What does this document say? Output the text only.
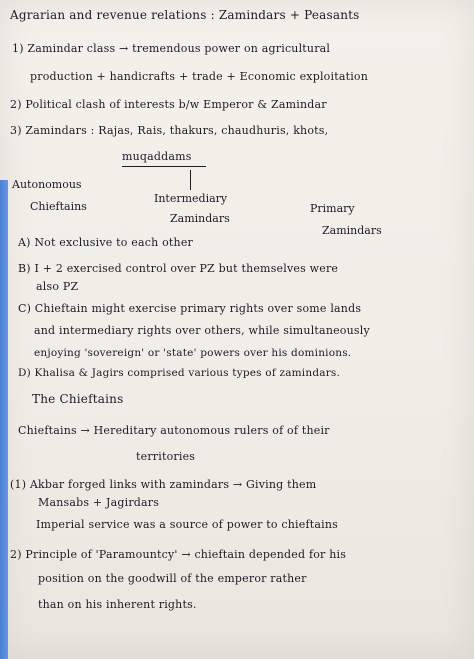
Agrarian and revenue relations : Zamindars + Peasants
1) Zamindar class → tremendous power on agricultural
production + handicrafts + trade + Economic exploitation
2) Political clash of interests b/w Emperor & Zamindar
3) Zamindars : Rajas, Rais, thakurs, chaudhuris, khots,
muqaddams
Autonomous
Chieftains
Intermediary
Zamindars
Primary
Zamindars
A) Not exclusive to each other
B) I + 2 exercised control over PZ but themselves were
also PZ
C) Chieftain might exercise primary rights over some lands
and intermediary rights over others, while simultaneously
enjoying 'sovereign' or 'state' powers over his dominions.
D) Khalisa & Jagirs comprised various types of zamindars.
The Chieftains
Chieftains → Hereditary autonomous rulers of of their
territories
(1) Akbar forged links with zamindars → Giving them
Mansabs + Jagirdars
Imperial service was a source of power to chieftains
2) Principle of 'Paramountcy' → chieftain depended for his
position on the goodwill of the emperor rather
than on his inherent rights.
